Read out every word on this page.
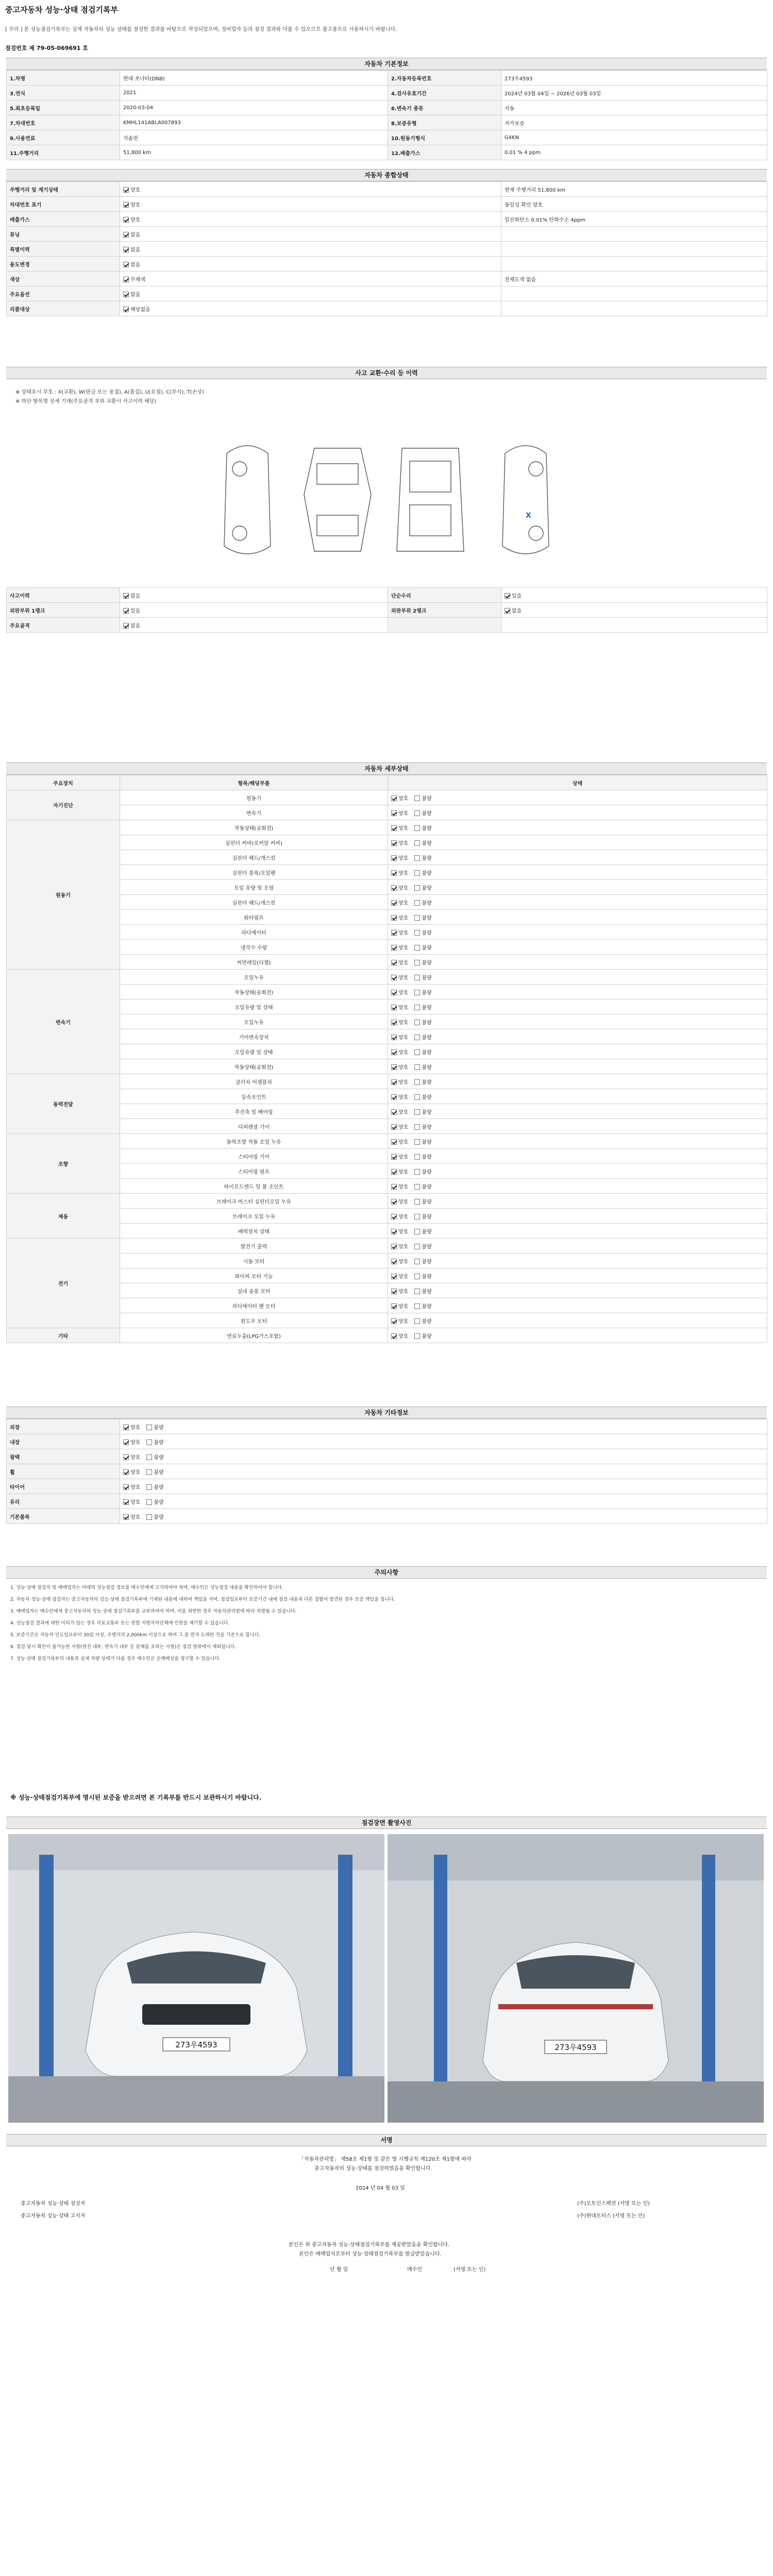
중고자동차 성능·상태 점검기록부
[ 주의 ] 본 성능점검기록부는 실제 자동차의 성능 상태를 점검한 결과를 바탕으로 작성되었으며, 정비업자 등의 점검 결과와 다를 수 있으므로 참고용으로 사용하시기 바랍니다.
점검번호 제 79-05-069691 호
자동차 기본정보
1.차명	현대 쏘나타(DN8)	2.자동차등록번호	273우4593
3.연식	2021	4.검사유효기간	2024년 03월 04일 ~ 2026년 03월 03일
5.최초등록일	2020-03-04	6.변속기 종류	자동
7.차대번호	KMHL141ABLA007893	8.보증유형	자가보증
9.사용연료	가솔린	10.원동기형식	G4KN
11.주행거리	51,800 km	12.배출가스	0.01 % 4 ppm
자동차 종합상태
주행거리 및 계기상태	양호	현재 주행거리 51,800 km
차대번호 표기	양호	동일성 확인 양호
배출가스	양호	일산화탄소 0.01% 탄화수소 4ppm
튜닝	없음	
특별이력	없음	
용도변경	없음	
색상	무채색	전체도색 없음
주요옵션	없음	
리콜대상	해당없음	
사고 교환·수리 등 이력
※ 상태표시 부호 : X(교환), W(판금 또는 용접), A(흠집), U(요철), C(부식), T(손상)
※ 하단 항목별 상세 기재(주요골격 부위 교환시 사고이력 해당)
X
사고이력	없음	단순수리	있음
외판부위 1랭크	있음	외판부위 2랭크	없음
주요골격	없음		
자동차 세부상태
주요장치	항목/해당부품	상태
자기진단	원동기	양호 불량
	변속기	양호 불량
원동기	작동상태(공회전)	양호 불량
	실린더 커버(로커암 커버)	양호 불량
	실린더 헤드/개스킷	양호 불량
	실린더 블록/오일팬	양호 불량
	오일 유량 및 오염	양호 불량
	실린더 헤드/개스킷	양호 불량
	워터펌프	양호 불량
	라디에이터	양호 불량
	냉각수 수량	양호 불량
	커먼레일(디젤)	양호 불량
변속기	오일누유	양호 불량
	작동상태(공회전)	양호 불량
	오일유량 및 상태	양호 불량
	오일누유	양호 불량
	기어변속장치	양호 불량
	오일유량 및 상태	양호 불량
	작동상태(공회전)	양호 불량
동력전달	클러치 어셈블리	양호 불량
	등속조인트	양호 불량
	추진축 및 베어링	양호 불량
	디퍼렌셜 기어	양호 불량
조향	동력조향 작동 오일 누유	양호 불량
	스티어링 기어	양호 불량
	스티어링 펌프	양호 불량
	타이로드엔드 및 볼 조인트	양호 불량
제동	브레이크 마스터 실린더오일 누유	양호 불량
	브레이크 오일 누유	양호 불량
	배력장치 상태	양호 불량
전기	발전기 출력	양호 불량
	시동 모터	양호 불량
	와이퍼 모터 기능	양호 불량
	실내 송풍 모터	양호 불량
	라디에이터 팬 모터	양호 불량
	윈도우 모터	양호 불량
기타	연료누출(LPG가스포함)	양호 불량
자동차 기타정보
외장	양호 불량
내장	양호 불량
광택	양호 불량
휠	양호 불량
타이어	양호 불량
유리	양호 불량
기본품목	양호 불량
주의사항
1. 성능·상태 점검자 및 매매업자는 아래의 성능점검 정보를 매수인에게 고지하여야 하며, 매수인은 성능점검 내용을 확인하여야 합니다.
2. 자동차 성능·상태 점검자는 중고자동차의 성능·상태 점검기록부에 기재된 내용에 대하여 책임을 지며, 점검일로부터 보증기간 내에 점검 내용과 다른 결함이 발견된 경우 보증 책임을 집니다.
3. 매매업자는 매수인에게 중고자동차의 성능·상태 점검기록부를 교부하여야 하며, 이를 위반한 경우 자동차관리법에 따라 처벌될 수 있습니다.
4. 성능점검 결과에 대한 이의가 있는 경우 국토교통부 또는 관할 지방자치단체에 민원을 제기할 수 있습니다.
5. 보증기간은 자동차 인도일로부터 30일 이상, 주행거리 2,000km 이상으로 하며 그 중 먼저 도래한 것을 기준으로 합니다.
6. 점검 당시 확인이 불가능한 사항(엔진 내부, 변속기 내부 등 분해를 요하는 사항)은 점검 범위에서 제외됩니다.
7. 성능·상태 점검기록부의 내용과 실제 차량 상태가 다를 경우 매수인은 손해배상을 청구할 수 있습니다.
※ 성능·상태점검기록부에 명시된 보증을 받으려면 본 기록부를 반드시 보관하시기 바랍니다.
점검장면 촬영사진
273우4593	273우4593
서명
「자동차관리법」 제58조 제1항 및 같은 법 시행규칙 제120조 제1항에 따라
중고자동차의 성능·상태를 점검하였음을 확인합니다.
2024 년 04 월 03 일
중고자동차 성능·상태 점검자	(주)오토인스펙션 (서명 또는 인)
중고자동차 성능·상태 고지자	(주)현대모터스 (서명 또는 인)
본인은 위 중고자동차 성능·상태점검기록부를 제공받았음을 확인합니다.
본인은 매매업자로부터 성능·상태점검기록부를 발급받았습니다.
년 월 일	매수인	(서명 또는 인)
